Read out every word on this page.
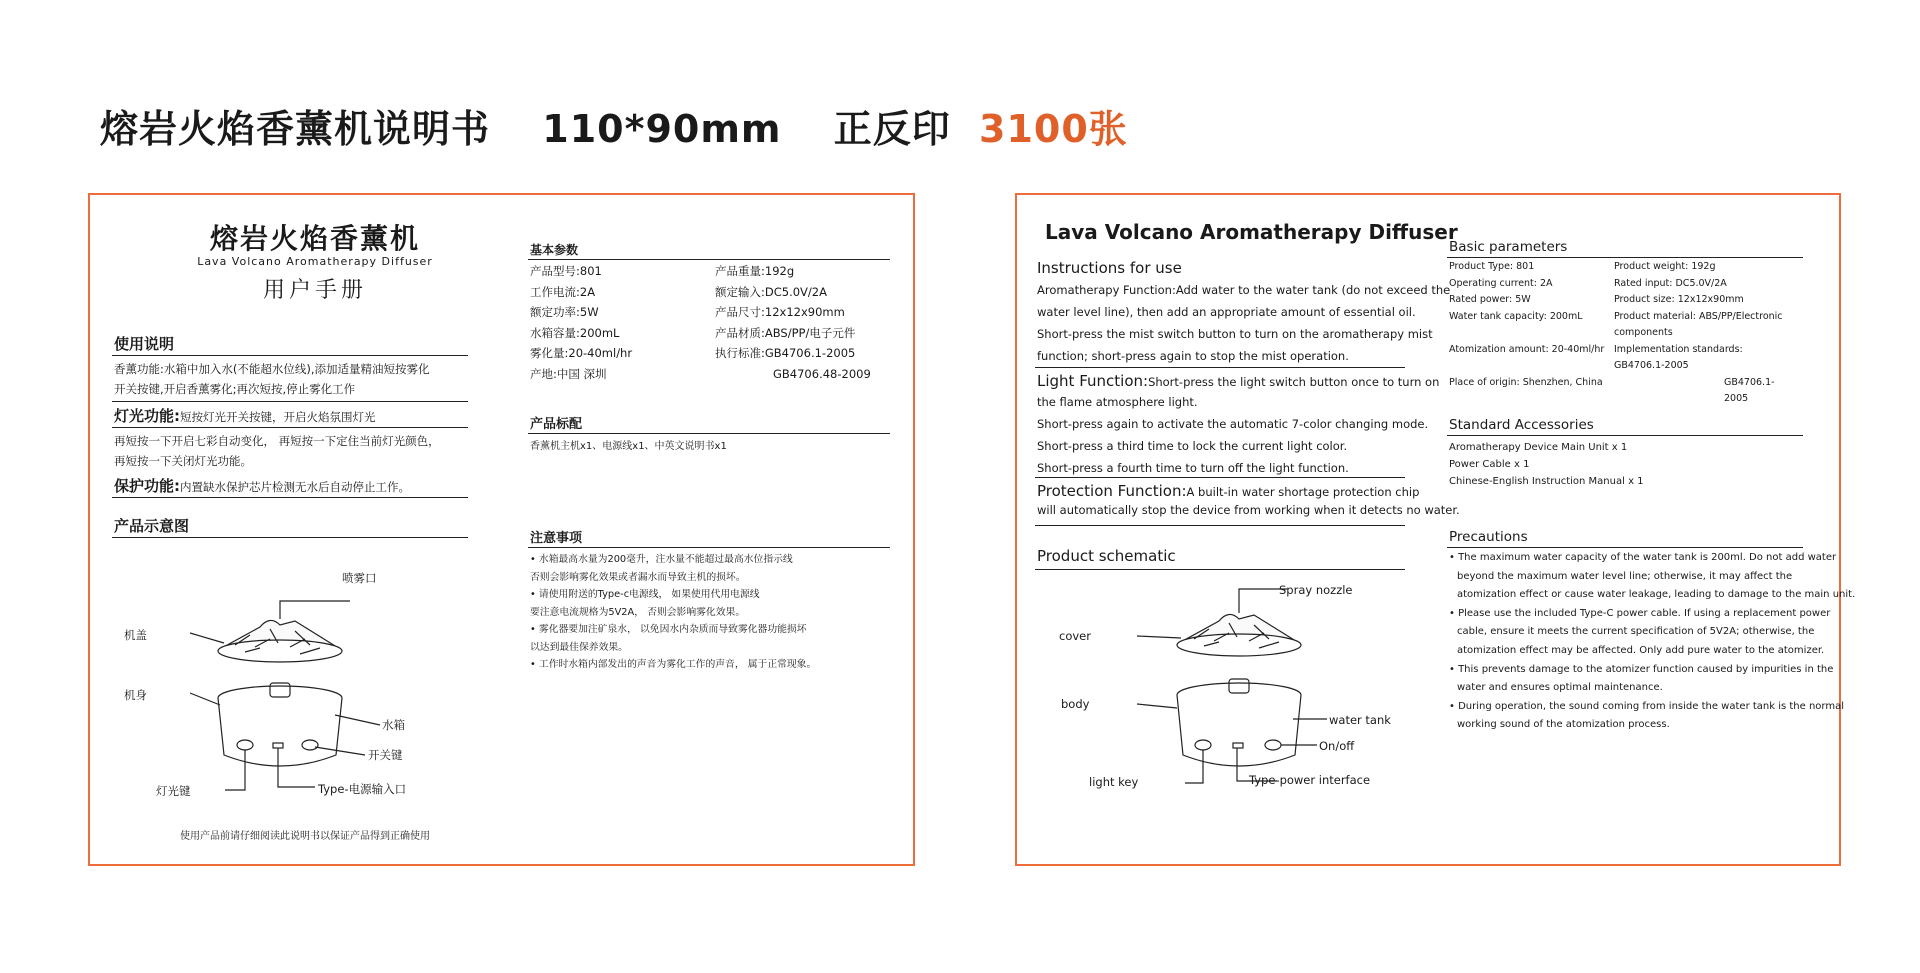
熔岩火焰香薰机说明书 110*90mm 正反印 3100张
熔岩火焰香薰机
Lava Volcano Aromatherapy Diffuser
用户手册
使用说明
香薰功能:水箱中加入水(不能超水位线),添加适量精油短按雾化
开关按键,开启香薰雾化;再次短按,停止雾化工作
灯光功能:短按灯光开关按键，开启火焰氛围灯光
再短按一下开启七彩自动变化， 再短按一下定住当前灯光颜色，
再短按一下关闭灯光功能。
保护功能:内置缺水保护芯片检测无水后自动停止工作。
产品示意图
喷雾口
机盖
机身
水箱
开关键
灯光键	Type-电源输入口
使用产品前请仔细阅读此说明书以保证产品得到正确使用
基本参数
产品型号:801	产品重量:192g
工作电流:2A	额定输入:DC5.0V/2A
额定功率:5W	产品尺寸:12x12x90mm
水箱容量:200mL	产品材质:ABS/PP/电子元件
雾化量:20-40ml/hr	执行标准:GB4706.1-2005
产地:中国 深圳	GB4706.48-2009
产品标配
香薰机主机x1、电源线x1、中英文说明书x1
注意事项
• 水箱最高水量为200毫升，注水量不能超过最高水位指示线
否则会影响雾化效果或者漏水而导致主机的损坏。
• 请使用附送的Type-c电源线， 如果使用代用电源线
要注意电流规格为5V2A， 否则会影响雾化效果。
• 雾化器要加注矿泉水， 以免因水内杂质而导致雾化器功能损坏
以达到最佳保养效果。
• 工作时水箱内部发出的声音为雾化工作的声音， 属于正常现象。
Lava Volcano Aromatherapy Diffuser
Instructions for use
Aromatherapy Function:Add water to the water tank (do not exceed the
water level line), then add an appropriate amount of essential oil.
Short-press the mist switch button to turn on the aromatherapy mist
function; short-press again to stop the mist operation.
Light Function:Short-press the light switch button once to turn on
the flame atmosphere light.
Short-press again to activate the automatic 7-color changing mode.
Short-press a third time to lock the current light color.
Short-press a fourth time to turn off the light function.
Protection Function:A built-in water shortage protection chip
will automatically stop the device from working when it detects no water.
Product schematic
Spray nozzle
cover
body
water tank
On/off
light key	Type-power interface
Basic parameters
Product Type: 801	Product weight: 192g
Operating current: 2A	Rated input: DC5.0V/2A
Rated power: 5W	Product size: 12x12x90mm
Water tank capacity: 200mL	Product material: ABS/PP/Electronic components
Atomization amount: 20-40ml/hr	Implementation standards: GB4706.1-2005
Place of origin: Shenzhen, China	GB4706.1-2005
Standard Accessories
Aromatherapy Device Main Unit x 1
Power Cable x 1
Chinese-English Instruction Manual x 1
Precautions
• The maximum water capacity of the water tank is 200ml. Do not add water
beyond the maximum water level line; otherwise, it may affect the
atomization effect or cause water leakage, leading to damage to the main unit.
• Please use the included Type-C power cable. If using a replacement power
cable, ensure it meets the current specification of 5V2A; otherwise, the
atomization effect may be affected. Only add pure water to the atomizer.
• This prevents damage to the atomizer function caused by impurities in the
water and ensures optimal maintenance.
• During operation, the sound coming from inside the water tank is the normal
working sound of the atomization process.
